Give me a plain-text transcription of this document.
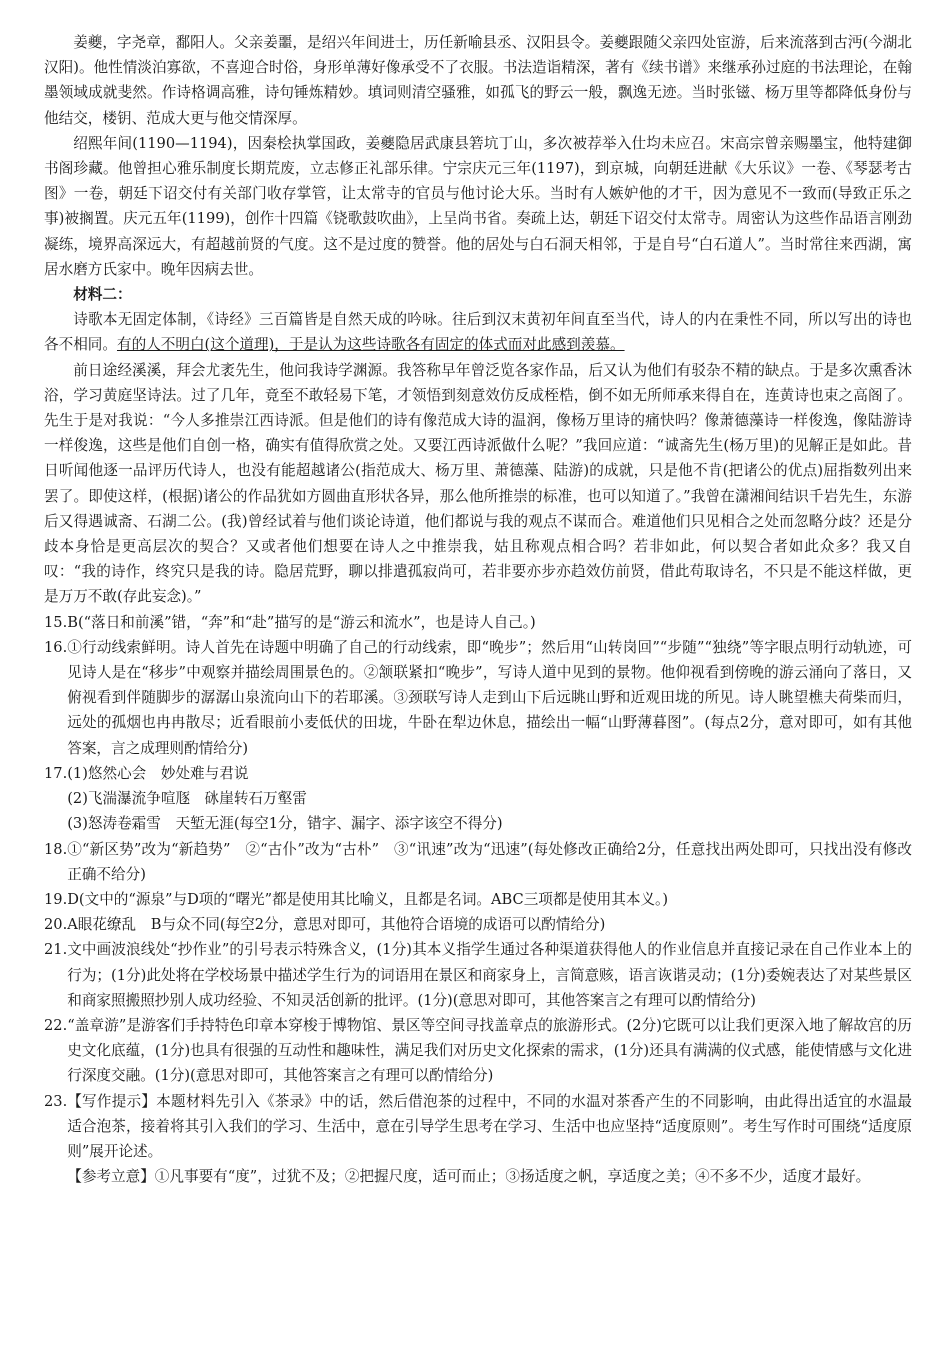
姜夔，字尧章，鄱阳人。父亲姜噩，是绍兴年间进士，历任新喻县丞、汉阳县令。姜夔跟随父亲四处宦游，后来流落到古沔(今湖北汉阳)。他性情淡泊寡欲，不喜迎合时俗，身形单薄好像承受不了衣服。书法造诣精深，著有《续书谱》来继承孙过庭的书法理论，在翰墨领域成就斐然。作诗格调高雅，诗句锤炼精妙。填词则清空骚雅，如孤飞的野云一般，飘逸无迹。当时张镃、杨万里等都降低身份与他结交，楼钥、范成大更与他交情深厚。

绍熙年间(1190—1194)，因秦桧执掌国政，姜夔隐居武康县箬坑丁山，多次被荐举入仕均未应召。宋高宗曾亲赐墨宝，他特建御书阁珍藏。他曾担心雅乐制度长期荒废，立志修正礼部乐律。宁宗庆元三年(1197)，到京城，向朝廷进献《大乐议》一卷、《琴瑟考古图》一卷，朝廷下诏交付有关部门收存掌管，让太常寺的官员与他讨论大乐。当时有人嫉妒他的才干，因为意见不一致而(导致正乐之事)被搁置。庆元五年(1199)，创作十四篇《铙歌鼓吹曲》，上呈尚书省。奏疏上达，朝廷下诏交付太常寺。周密认为这些作品语言刚劲凝练，境界高深远大，有超越前贤的气度。这不是过度的赞誉。他的居处与白石洞天相邻，于是自号“白石道人”。当时常往来西湖，寓居水磨方氏家中。晚年因病去世。

材料二：

诗歌本无固定体制，《诗经》三百篇皆是自然天成的吟咏。往后到汉末黄初年间直至当代，诗人的内在秉性不同，所以写出的诗也各不相同。有的人不明白(这个道理)，于是认为这些诗歌各有固定的体式而对此感到羡慕。

前日途经溪溪，拜会尤袤先生，他问我诗学渊源。我答称早年曾泛览各家作品，后又认为他们有驳杂不精的缺点。于是多次熏香沐浴，学习黄庭坚诗法。过了几年，竟至不敢轻易下笔，才领悟到刻意效仿反成桎梏，倒不如无所师承来得自在，连黄诗也束之高阁了。先生于是对我说：“今人多推崇江西诗派。但是他们的诗有像范成大诗的温润，像杨万里诗的痛快吗？像萧德藻诗一样俊逸，像陆游诗一样俊逸，这些是他们自创一格，确实有值得欣赏之处。又要江西诗派做什么呢？”我回应道：“诚斋先生(杨万里)的见解正是如此。昔日听闻他逐一品评历代诗人，也没有能超越诸公(指范成大、杨万里、萧德藻、陆游)的成就，只是他不肯(把诸公的优点)屈指数列出来罢了。即使这样，(根据)诸公的作品犹如方圆曲直形状各异，那么他所推崇的标准，也可以知道了。”我曾在潇湘间结识千岩先生，东游后又得遇诚斋、石湖二公。(我)曾经试着与他们谈论诗道，他们都说与我的观点不谋而合。难道他们只见相合之处而忽略分歧？还是分歧本身恰是更高层次的契合？又或者他们想要在诗人之中推崇我，姑且称观点相合吗？若非如此，何以契合者如此众多？我又自叹：“我的诗作，终究只是我的诗。隐居荒野，聊以排遣孤寂尚可，若非要亦步亦趋效仿前贤，借此苟取诗名，不只是不能这样做，更是万万不敢(存此妄念)。”

15. B(“落日和前溪”错，“奔”和“赴”描写的是“游云和流水”，也是诗人自己。)
16. ①行动线索鲜明。诗人首先在诗题中明确了自己的行动线索，即“晚步”；然后用“山转岗回”“步随”“独绕”等字眼点明行动轨迹，可见诗人是在“移步”中观察并描绘周围景色的。②颔联紧扣“晚步”，写诗人道中见到的景物。他仰视看到傍晚的游云涌向了落日，又俯视看到伴随脚步的潺潺山泉流向山下的若耶溪。③颈联写诗人走到山下后远眺山野和近观田垅的所见。诗人眺望樵夫荷柴而归，远处的孤烟也冉冉散尽；近看眼前小麦低伏的田垅，牛卧在犁边休息，描绘出一幅“山野薄暮图”。(每点2分，意对即可，如有其他答案，言之成理则酌情给分)
17. (1)悠然心会　妙处难与君说

(2)飞湍瀑流争喧豗　砯崖转石万壑雷

(3)怒涛卷霜雪　天堑无涯(每空1分，错字、漏字、添字该空不得分)

18. ①“新区势”改为“新趋势”　②“古仆”改为“古朴”　③“讯速”改为“迅速”(每处修改正确给2分，任意找出两处即可，只找出没有修改正确不给分)
19. D(文中的“源泉”与D项的“曙光”都是使用其比喻义，且都是名词。ABC三项都是使用其本义。)
20. A眼花缭乱　B与众不同(每空2分，意思对即可，其他符合语境的成语可以酌情给分)
21. 文中画波浪线处“抄作业”的引号表示特殊含义，(1分)其本义指学生通过各种渠道获得他人的作业信息并直接记录在自己作业本上的行为；(1分)此处将在学校场景中描述学生行为的词语用在景区和商家身上，言简意赅，语言诙谐灵动；(1分)委婉表达了对某些景区和商家照搬照抄别人成功经验、不知灵活创新的批评。(1分)(意思对即可，其他答案言之有理可以酌情给分)
22. “盖章游”是游客们手持特色印章本穿梭于博物馆、景区等空间寻找盖章点的旅游形式。(2分)它既可以让我们更深入地了解故宫的历史文化底蕴，(1分)也具有很强的互动性和趣味性，满足我们对历史文化探索的需求，(1分)还具有满满的仪式感，能使情感与文化进行深度交融。(1分)(意思对即可，其他答案言之有理可以酌情给分)
23. 【写作提示】本题材料先引入《茶录》中的话，然后借泡茶的过程中，不同的水温对茶香产生的不同影响，由此得出适宜的水温最适合泡茶，接着将其引入我们的学习、生活中，意在引导学生思考在学习、生活中也应坚持“适度原则”。考生写作时可围绕“适度原则”展开论述。

【参考立意】①凡事要有“度”，过犹不及；②把握尺度，适可而止；③扬适度之帆，享适度之美；④不多不少，适度才最好。
